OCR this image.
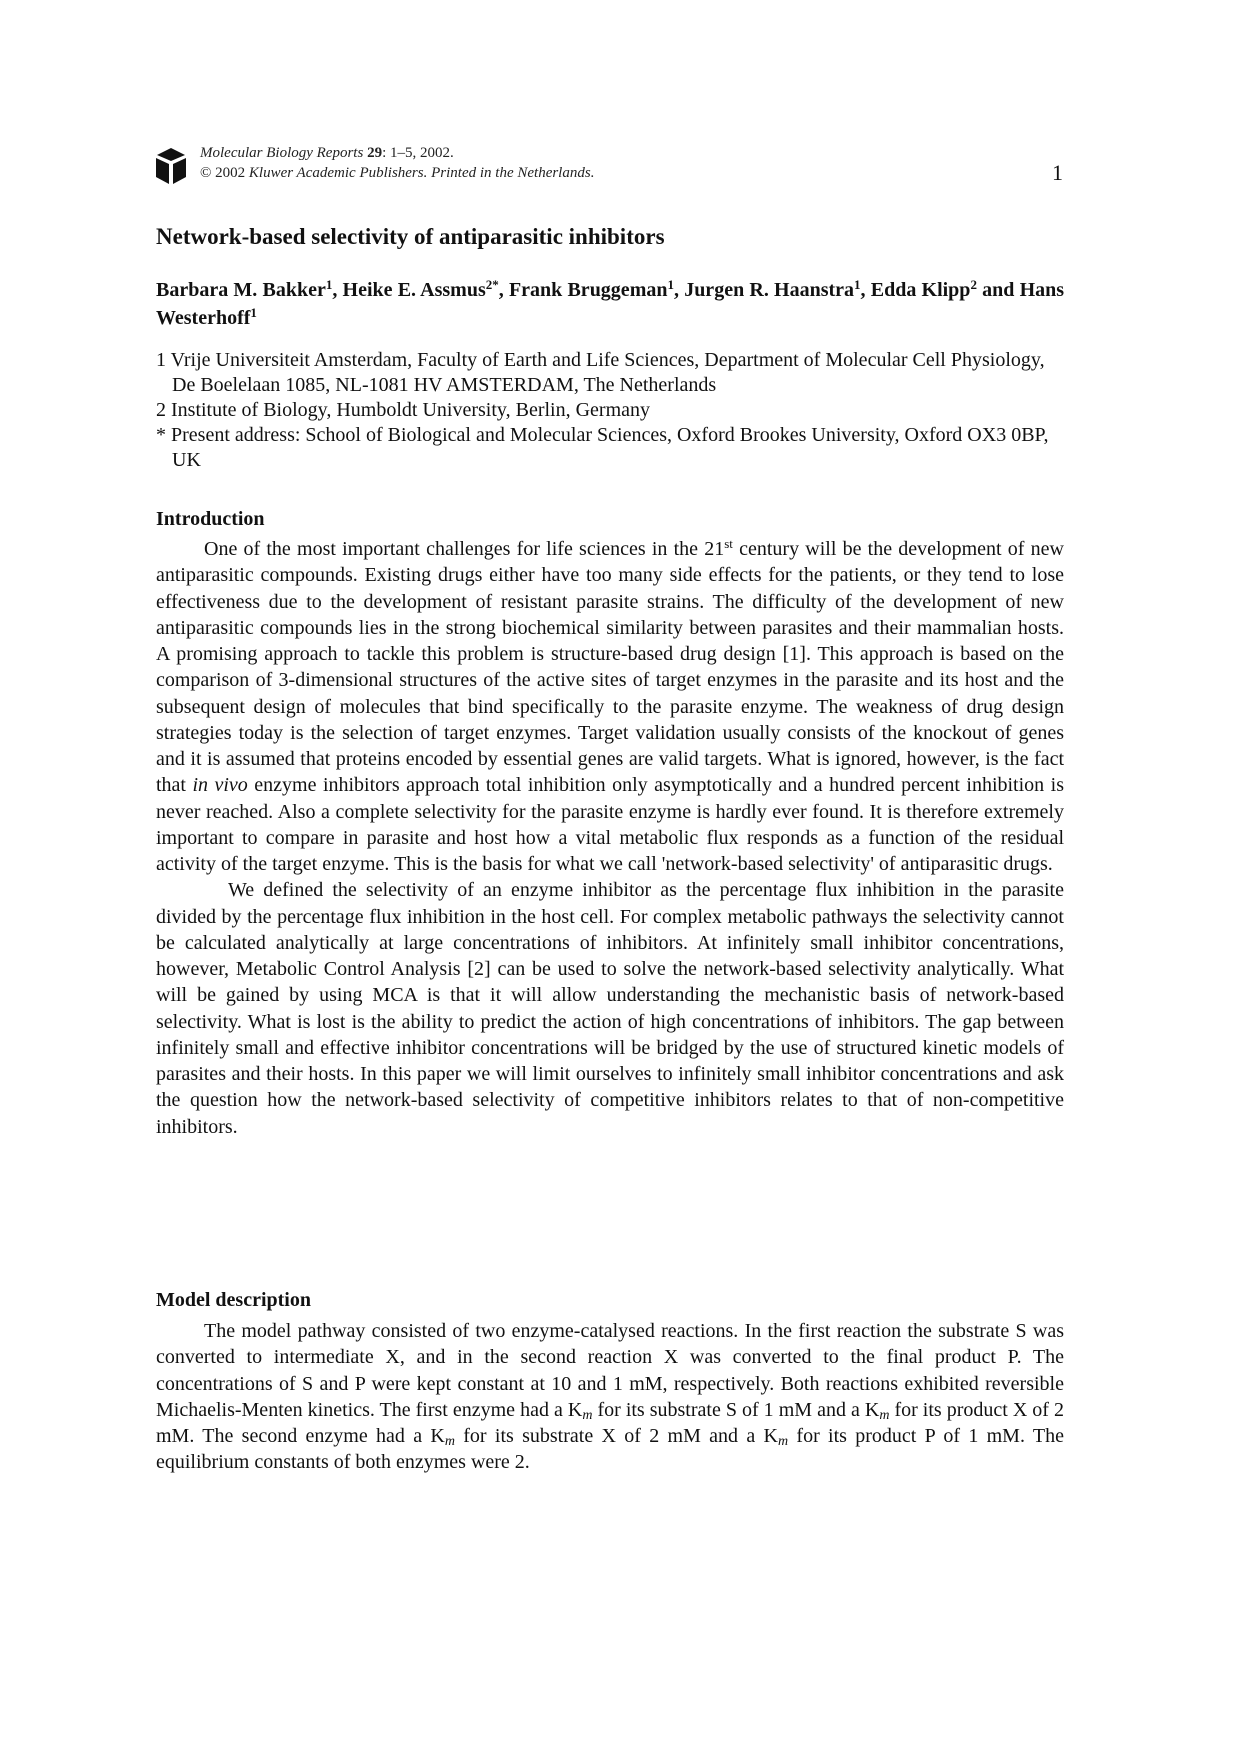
Molecular Biology Reports 29: 1–5, 2002.
© 2002 Kluwer Academic Publishers. Printed in the Netherlands.	1
Network-based selectivity of antiparasitic inhibitors
Barbara M. Bakker$^1$, Heike E. Assmus$^{2*}$, Frank Bruggeman$^1$, Jurgen R. Haanstra$^1$, Edda Klipp$^2$ and Hans Westerhoff$^1$
1 Vrije Universiteit Amsterdam, Faculty of Earth and Life Sciences, Department of Molecular Cell Physiology, De Boelelaan 1085, NL-1081 HV AMSTERDAM, The Netherlands
2 Institute of Biology, Humboldt University, Berlin, Germany
* Present address: School of Biological and Molecular Sciences, Oxford Brookes University, Oxford OX3 0BP, UK
Introduction

One of the most important challenges for life sciences in the 21st century will be the development of new antiparasitic compounds. Existing drugs either have too many side effects for the patients, or they tend to lose effectiveness due to the development of resistant parasite strains. The difficulty of the development of new antiparasitic compounds lies in the strong biochemical similarity between parasites and their mammalian hosts. A promising approach to tackle this problem is structure-based drug design [1]. This approach is based on the comparison of 3-dimensional structures of the active sites of target enzymes in the parasite and its host and the subsequent design of molecules that bind specifically to the parasite enzyme. The weakness of drug design strategies today is the selection of target enzymes. Target validation usually consists of the knockout of genes and it is assumed that proteins encoded by essential genes are valid targets. What is ignored, however, is the fact that in vivo enzyme inhibitors approach total inhibition only asymptotically and a hundred percent inhibition is never reached. Also a complete selectivity for the parasite enzyme is hardly ever found. It is therefore extremely important to compare in parasite and host how a vital metabolic flux responds as a function of the residual activity of the target enzyme. This is the basis for what we call 'network-based selectivity' of antiparasitic drugs.

We defined the selectivity of an enzyme inhibitor as the percentage flux inhibition in the parasite divided by the percentage flux inhibition in the host cell. For complex metabolic pathways the selectivity cannot be calculated analytically at large concentrations of inhibitors. At infinitely small inhibitor concentrations, however, Metabolic Control Analysis [2] can be used to solve the network-based selectivity analytically. What will be gained by using MCA is that it will allow understanding the mechanistic basis of network-based selectivity. What is lost is the ability to predict the action of high concentrations of inhibitors. The gap between infinitely small and effective inhibitor concentrations will be bridged by the use of structured kinetic models of parasites and their hosts. In this paper we will limit ourselves to infinitely small inhibitor concentrations and ask the question how the network-based selectivity of competitive inhibitors relates to that of non-competitive inhibitors.

Model description

The model pathway consisted of two enzyme-catalysed reactions. In the first reaction the substrate S was converted to intermediate X, and in the second reaction X was converted to the final product P. The concentrations of S and P were kept constant at 10 and 1 mM, respectively. Both reactions exhibited reversible Michaelis-Menten kinetics. The first enzyme had a $K_m$ for its substrate S of 1 mM and a $K_m$ for its product X of 2 mM. The second enzyme had a $K_m$ for its substrate X of 2 mM and a $K_m$ for its product P of 1 mM. The equilibrium constants of both enzymes were 2.
